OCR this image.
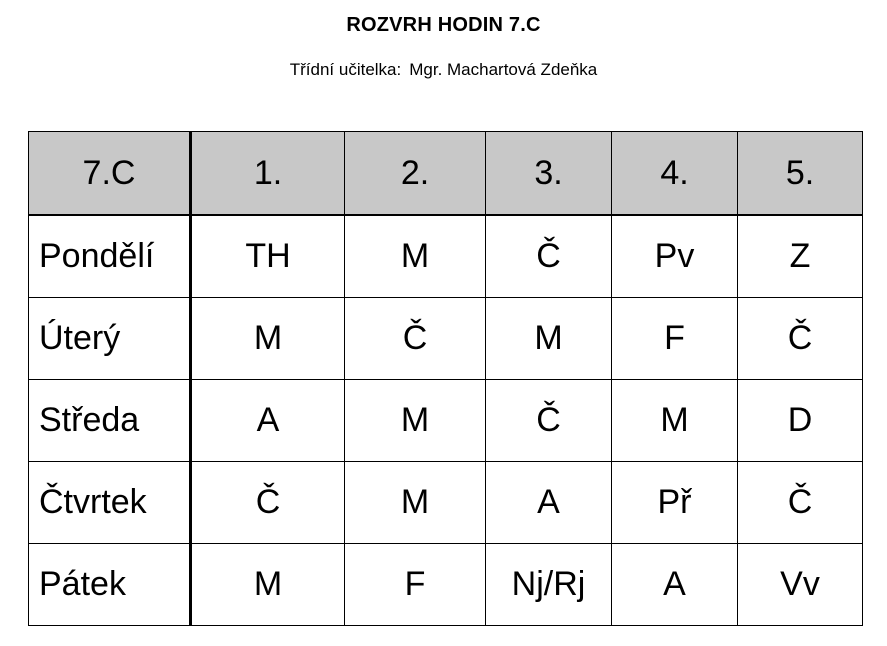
ROZVRH HODIN 7.C
Třídní učitelka: Mgr. Machartová Zdeňka
7.C	1.	2.	3.	4.	5.
Pondělí	TH	M	Č	Pv	Z
Úterý	M	Č	M	F	Č
Středa	A	M	Č	M	D
Čtvrtek	Č	M	A	Př	Č
Pátek	M	F	Nj/Rj	A	Vv
